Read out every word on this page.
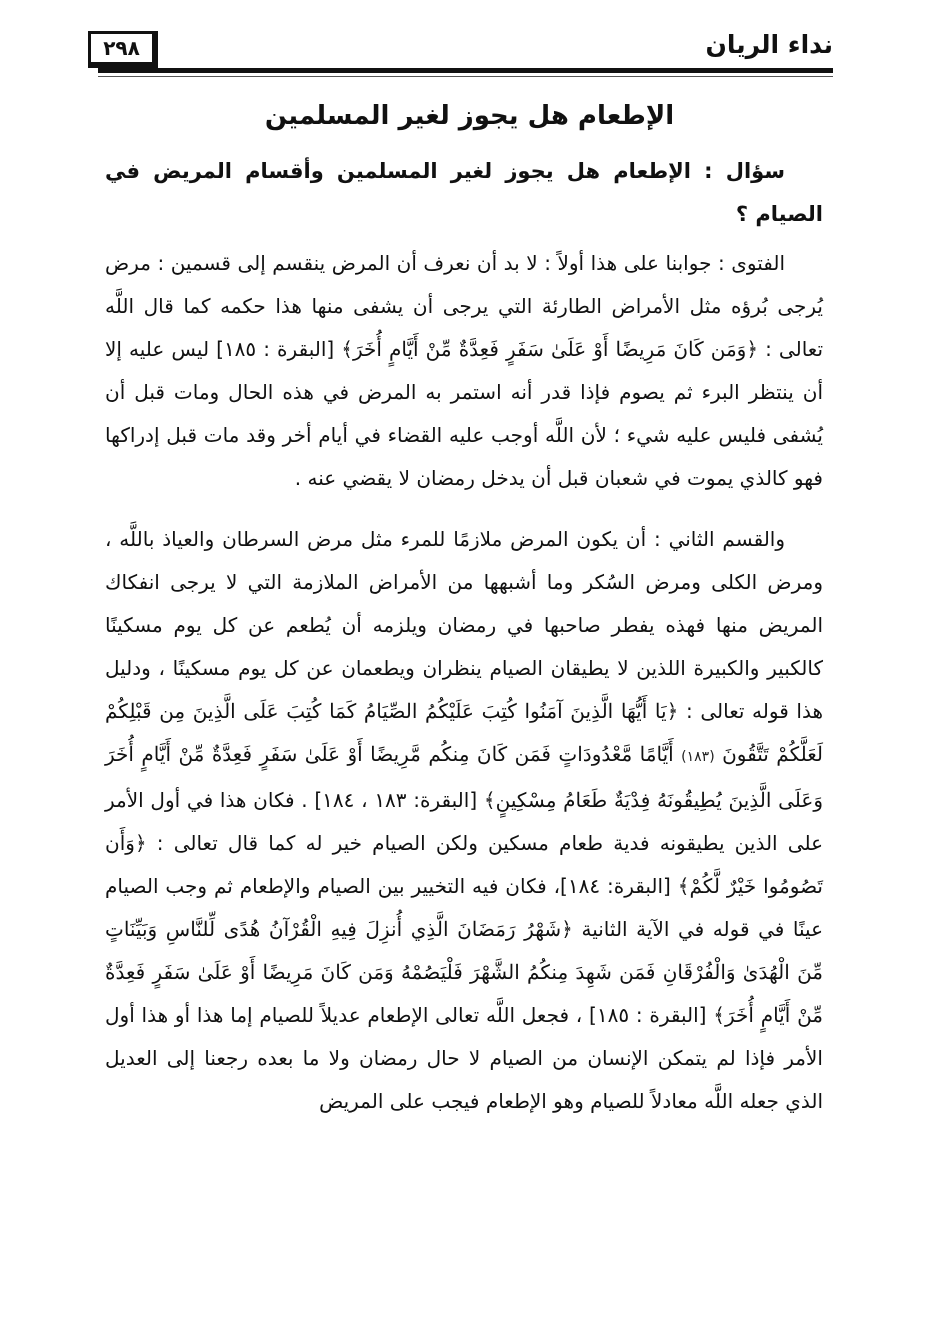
نداء الريان
٢٩٨
الإطعام هل يجوز لغير المسلمين

سؤال : الإطعام هل يجوز لغير المسلمين وأقسام المريض في الصيام ؟

الفتوى : جوابنا على هذا أولاً : لا بد أن نعرف أن المرض ينقسم إلى قسمين : مرض يُرجى بُرؤه مثل الأمراض الطارئة التي يرجى أن يشفى منها هذا حكمه كما قال اللَّه تعالى : ﴿وَمَن كَانَ مَرِيضًا أَوْ عَلَىٰ سَفَرٍ فَعِدَّةٌ مِّنْ أَيَّامٍ أُخَرَ﴾ [البقرة : ١٨٥] ليس عليه إلا أن ينتظر البرء ثم يصوم فإذا قدر أنه استمر به المرض في هذه الحال ومات قبل أن يُشفى فليس عليه شيء ؛ لأن اللَّه أوجب عليه القضاء في أيام أخر وقد مات قبل إدراكها فهو كالذي يموت في شعبان قبل أن يدخل رمضان لا يقضي عنه .

والقسم الثاني : أن يكون المرض ملازمًا للمرء مثل مرض السرطان والعياذ باللَّه ، ومرض الكلى ومرض السُكر وما أشبهها من الأمراض الملازمة التي لا يرجى انفكاك المريض منها فهذه يفطر صاحبها في رمضان ويلزمه أن يُطعم عن كل يوم مسكينًا كالكبير والكبيرة اللذين لا يطيقان الصيام ينظران ويطعمان عن كل يوم مسكينًا ، ودليل هذا قوله تعالى : ﴿يَا أَيُّهَا الَّذِينَ آمَنُوا كُتِبَ عَلَيْكُمُ الصِّيَامُ كَمَا كُتِبَ عَلَى الَّذِينَ مِن قَبْلِكُمْ لَعَلَّكُمْ تَتَّقُونَ (١٨٣) أَيَّامًا مَّعْدُودَاتٍ فَمَن كَانَ مِنكُم مَّرِيضًا أَوْ عَلَىٰ سَفَرٍ فَعِدَّةٌ مِّنْ أَيَّامٍ أُخَرَ وَعَلَى الَّذِينَ يُطِيقُونَهُ فِدْيَةٌ طَعَامُ مِسْكِينٍ﴾ [البقرة: ١٨٣ ، ١٨٤] . فكان هذا في أول الأمر على الذين يطيقونه فدية طعام مسكين ولكن الصيام خير له كما قال تعالى : ﴿وَأَن تَصُومُوا خَيْرٌ لَّكُمْ﴾ [البقرة: ١٨٤]، فكان فيه التخيير بين الصيام والإطعام ثم وجب الصيام عينًا في قوله في الآية الثانية ﴿شَهْرُ رَمَضَانَ الَّذِي أُنزِلَ فِيهِ الْقُرْآنُ هُدًى لِّلنَّاسِ وَبَيِّنَاتٍ مِّنَ الْهُدَىٰ وَالْفُرْقَانِ فَمَن شَهِدَ مِنكُمُ الشَّهْرَ فَلْيَصُمْهُ وَمَن كَانَ مَرِيضًا أَوْ عَلَىٰ سَفَرٍ فَعِدَّةٌ مِّنْ أَيَّامٍ أُخَرَ﴾ [البقرة : ١٨٥] ، فجعل اللَّه تعالى الإطعام عديلاً للصيام إما هذا أو هذا أول الأمر فإذا لم يتمكن الإنسان من الصيام لا حال رمضان ولا ما بعده رجعنا إلى العديل الذي جعله اللَّه معادلاً للصيام وهو الإطعام فيجب على المريض
